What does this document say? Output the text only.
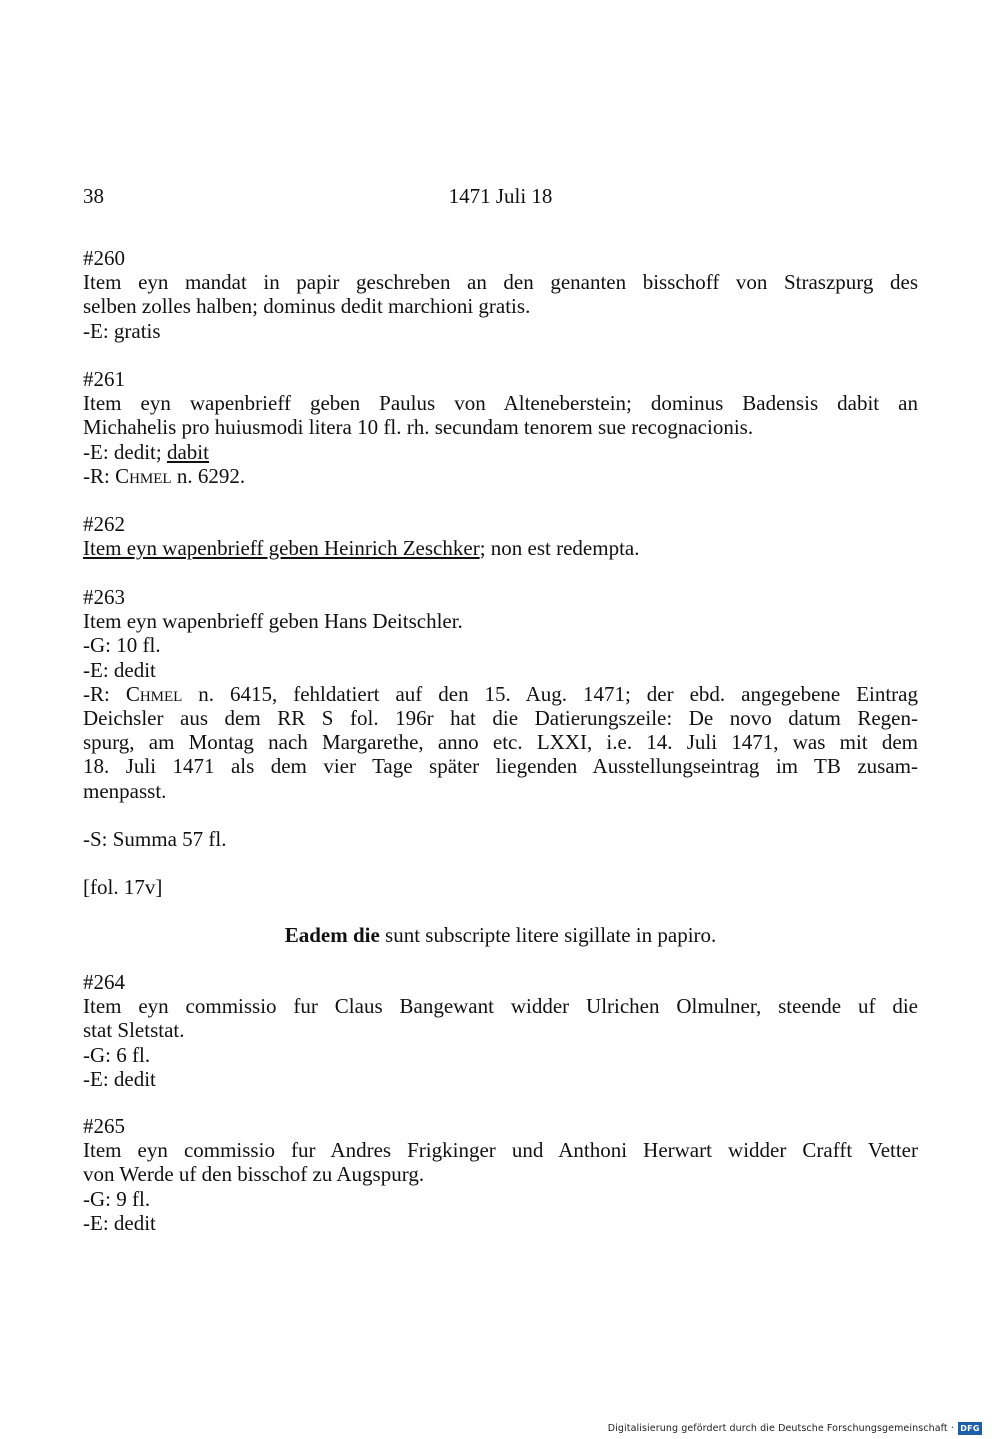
38	1471 Juli 18
#260
Item eyn mandat in papir geschreben an den genanten bisschoff von Straszpurg des
selben zolles halben; dominus dedit marchioni gratis.
-E: gratis
#261
Item eyn wapenbrieff geben Paulus von Alteneberstein; dominus Badensis dabit an
Michahelis pro huiusmodi litera 10 fl. rh. secundam tenorem sue recognacionis.
-E: dedit; dabit
-R: Chmel n. 6292.
#262
Item eyn wapenbrieff geben Heinrich Zeschker; non est redempta.
#263
Item eyn wapenbrieff geben Hans Deitschler.
-G: 10 fl.
-E: dedit
-R: Chmel n. 6415, fehldatiert auf den 15. Aug. 1471; der ebd. angegebene Eintrag
Deichsler aus dem RR S fol. 196r hat die Datierungszeile: De novo datum Regen-
spurg, am Montag nach Margarethe, anno etc. LXXI, i.e. 14. Juli 1471, was mit dem
18. Juli 1471 als dem vier Tage später liegenden Ausstellungseintrag im TB zusam-
menpasst.
-S: Summa 57 fl.
[fol. 17v]
Eadem die sunt subscripte litere sigillate in papiro.
#264
Item eyn commissio fur Claus Bangewant widder Ulrichen Olmulner, steende uf die
stat Sletstat.
-G: 6 fl.
-E: dedit
#265
Item eyn commissio fur Andres Frigkinger und Anthoni Herwart widder Crafft Vetter
von Werde uf den bisschof zu Augspurg.
-G: 9 fl.
-E: dedit
Digitalisierung gefördert durch die Deutsche Forschungsgemeinschaft · DFG
